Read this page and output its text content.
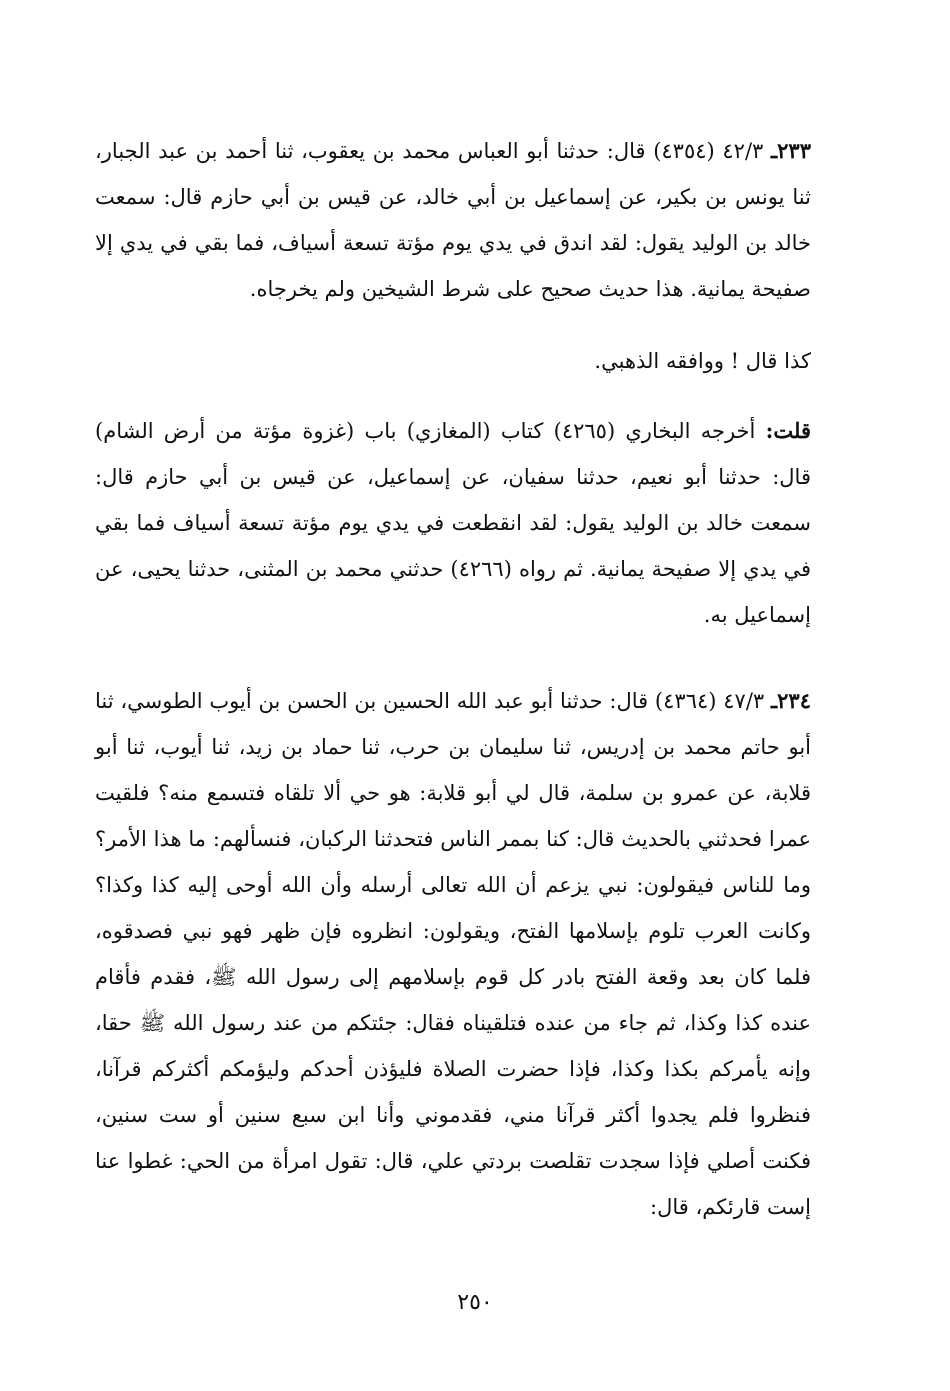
٢٣٣ـ ٤٢/٣ (٤٣٥٤) قال: حدثنا أبو العباس محمد بن يعقوب، ثنا أحمد بن عبد الجبار، ثنا يونس بن بكير، عن إسماعيل بن أبي خالد، عن قيس بن أبي حازم قال: سمعت خالد بن الوليد يقول: لقد اندق في يدي يوم مؤتة تسعة أسياف، فما بقي في يدي إلا صفيحة يمانية. هذا حديث صحيح على شرط الشيخين ولم يخرجاه.

كذا قال ! ووافقه الذهبي.

قلت: أخرجه البخاري (٤٢٦٥) كتاب (المغازي) باب (غزوة مؤتة من أرض الشام) قال: حدثنا أبو نعيم، حدثنا سفيان، عن إسماعيل، عن قيس بن أبي حازم قال: سمعت خالد بن الوليد يقول: لقد انقطعت في يدي يوم مؤتة تسعة أسياف فما بقي في يدي إلا صفيحة يمانية. ثم رواه (٤٢٦٦) حدثني محمد بن المثنى، حدثنا يحيى، عن إسماعيل به.

٢٣٤ـ ٤٧/٣ (٤٣٦٤) قال: حدثنا أبو عبد الله الحسين بن الحسن بن أيوب الطوسي، ثنا أبو حاتم محمد بن إدريس، ثنا سليمان بن حرب، ثنا حماد بن زيد، ثنا أيوب، ثنا أبو قلابة، عن عمرو بن سلمة، قال لي أبو قلابة: هو حي ألا تلقاه فتسمع منه؟ فلقيت عمرا فحدثني بالحديث قال: كنا بممر الناس فتحدثنا الركبان، فنسألهم: ما هذا الأمر؟ وما للناس فيقولون: نبي يزعم أن الله تعالى أرسله وأن الله أوحى إليه كذا وكذا؟ وكانت العرب تلوم بإسلامها الفتح، ويقولون: انظروه فإن ظهر فهو نبي فصدقوه، فلما كان بعد وقعة الفتح بادر كل قوم بإسلامهم إلى رسول الله ﷺ، فقدم فأقام عنده كذا وكذا، ثم جاء من عنده فتلقيناه فقال: جئتكم من عند رسول الله ﷺ حقا، وإنه يأمركم بكذا وكذا، فإذا حضرت الصلاة فليؤذن أحدكم وليؤمكم أكثركم قرآنا، فنظروا فلم يجدوا أكثر قرآنا مني، فقدموني وأنا ابن سبع سنين أو ست سنين، فكنت أصلي فإذا سجدت تقلصت بردتي علي، قال: تقول امرأة من الحي: غطوا عنا إست قارئكم، قال:

٢٥٠
